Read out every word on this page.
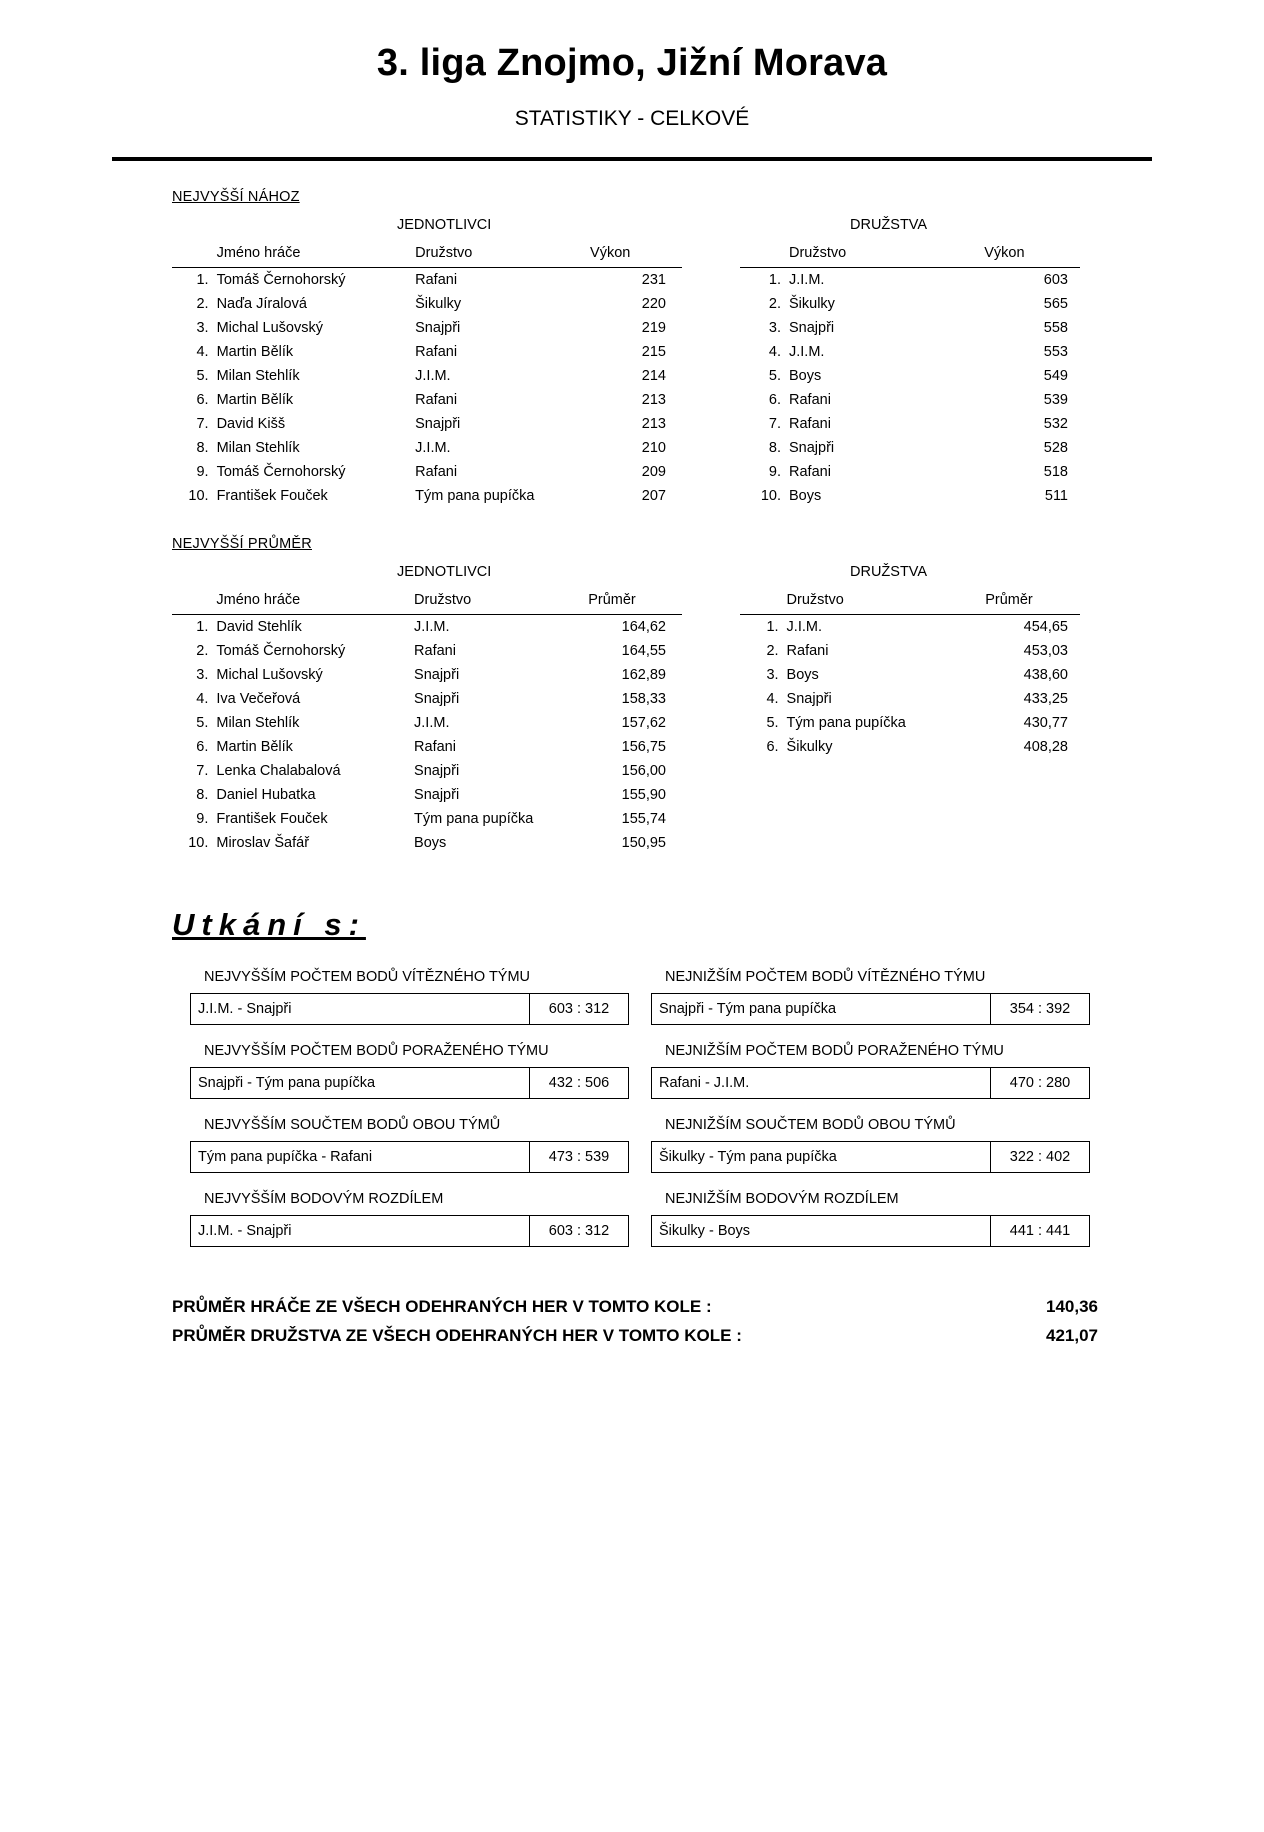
3. liga Znojmo, Jižní Morava
STATISTIKY - CELKOVÉ
NEJVYŠŠÍ NÁHOZ
JEDNOTLIVCI
	Jméno hráče	Družstvo	Výkon
1.	Tomáš Černohorský	Rafani	231
2.	Naďa Jíralová	Šikulky	220
3.	Michal Lušovský	Snajpři	219
4.	Martin Bělík	Rafani	215
5.	Milan Stehlík	J.I.M.	214
6.	Martin Bělík	Rafani	213
7.	David Kišš	Snajpři	213
8.	Milan Stehlík	J.I.M.	210
9.	Tomáš Černohorský	Rafani	209
10.	František Fouček	Tým pana pupíčka	207
DRUŽSTVA
	Družstvo	Výkon
1.	J.I.M.	603
2.	Šikulky	565
3.	Snajpři	558
4.	J.I.M.	553
5.	Boys	549
6.	Rafani	539
7.	Rafani	532
8.	Snajpři	528
9.	Rafani	518
10.	Boys	511
NEJVYŠŠÍ PRŮMĚR
JEDNOTLIVCI
	Jméno hráče	Družstvo	Průměr
1.	David Stehlík	J.I.M.	164,62
2.	Tomáš Černohorský	Rafani	164,55
3.	Michal Lušovský	Snajpři	162,89
4.	Iva Večeřová	Snajpři	158,33
5.	Milan Stehlík	J.I.M.	157,62
6.	Martin Bělík	Rafani	156,75
7.	Lenka Chalabalová	Snajpři	156,00
8.	Daniel Hubatka	Snajpři	155,90
9.	František Fouček	Tým pana pupíčka	155,74
10.	Miroslav Šafář	Boys	150,95
DRUŽSTVA
	Družstvo	Průměr
1.	J.I.M.	454,65
2.	Rafani	453,03
3.	Boys	438,60
4.	Snajpři	433,25
5.	Tým pana pupíčka	430,77
6.	Šikulky	408,28
Utkání s:
NEJVYŠŠÍM POČTEM BODŮ VÍTĚZNÉHO TÝMU
J.I.M. - Snajpři	603 : 312
NEJNIŽŠÍM POČTEM BODŮ VÍTĚZNÉHO TÝMU
Snajpři - Tým pana pupíčka	354 : 392
NEJVYŠŠÍM POČTEM BODŮ PORAŽENÉHO TÝMU
Snajpři - Tým pana pupíčka	432 : 506
NEJNIŽŠÍM POČTEM BODŮ PORAŽENÉHO TÝMU
Rafani - J.I.M.	470 : 280
NEJVYŠŠÍM SOUČTEM BODŮ OBOU TÝMŮ
Tým pana pupíčka - Rafani	473 : 539
NEJNIŽŠÍM SOUČTEM BODŮ OBOU TÝMŮ
Šikulky - Tým pana pupíčka	322 : 402
NEJVYŠŠÍM BODOVÝM ROZDÍLEM
J.I.M. - Snajpři	603 : 312
NEJNIŽŠÍM BODOVÝM ROZDÍLEM
Šikulky - Boys	441 : 441
PRŮMĚR HRÁČE ZE VŠECH ODEHRANÝCH HER V TOMTO KOLE :	140,36
PRŮMĚR DRUŽSTVA ZE VŠECH ODEHRANÝCH HER V TOMTO KOLE :	421,07
